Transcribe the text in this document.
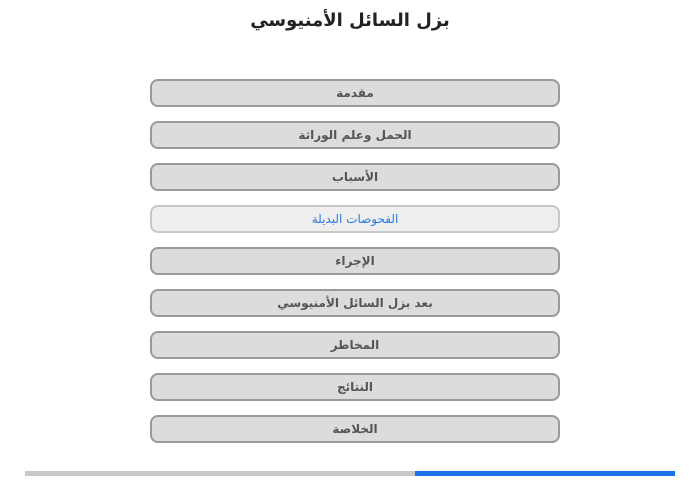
بزل السائل الأمنيوسي
مقدمة
الحمل وعلم الوراثة
الأسباب
الفحوصات البديلة
الإجراء
بعد بزل السائل الأمنيوسي
المخاطر
النتائج
الخلاصة
